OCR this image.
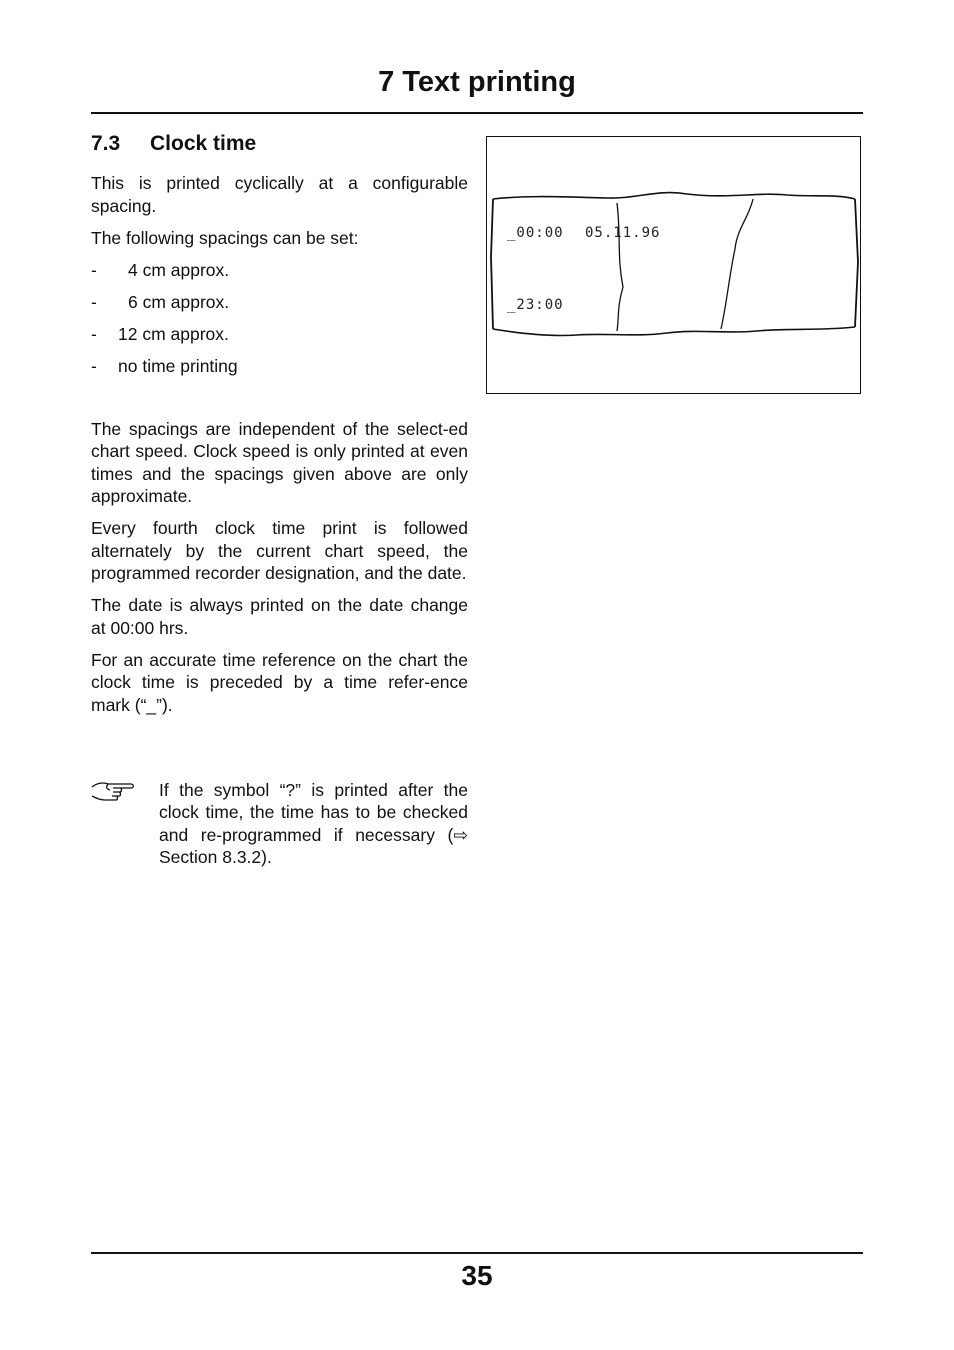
7 Text printing
7.3 Clock time

This is printed cyclically at a configurable spacing.

The following spacings can be set:

- 4 cm approx.
- 6 cm approx.
- 12 cm approx.
- no time printing

The spacings are independent of the select-ed chart speed. Clock speed is only printed at even times and the spacings given above are only approximate.

Every fourth clock time print is followed alternately by the current chart speed, the programmed recorder designation, and the date.

The date is always printed on the date change at 00:00 hrs.

For an accurate time reference on the chart the clock time is preceded by a time refer-ence mark (“_”).

If the symbol “?” is printed after the clock time, the time has to be checked and re-programmed if necessary (⇨ Section 8.3.2).
_00:00 05.11.96
_23:00
35
